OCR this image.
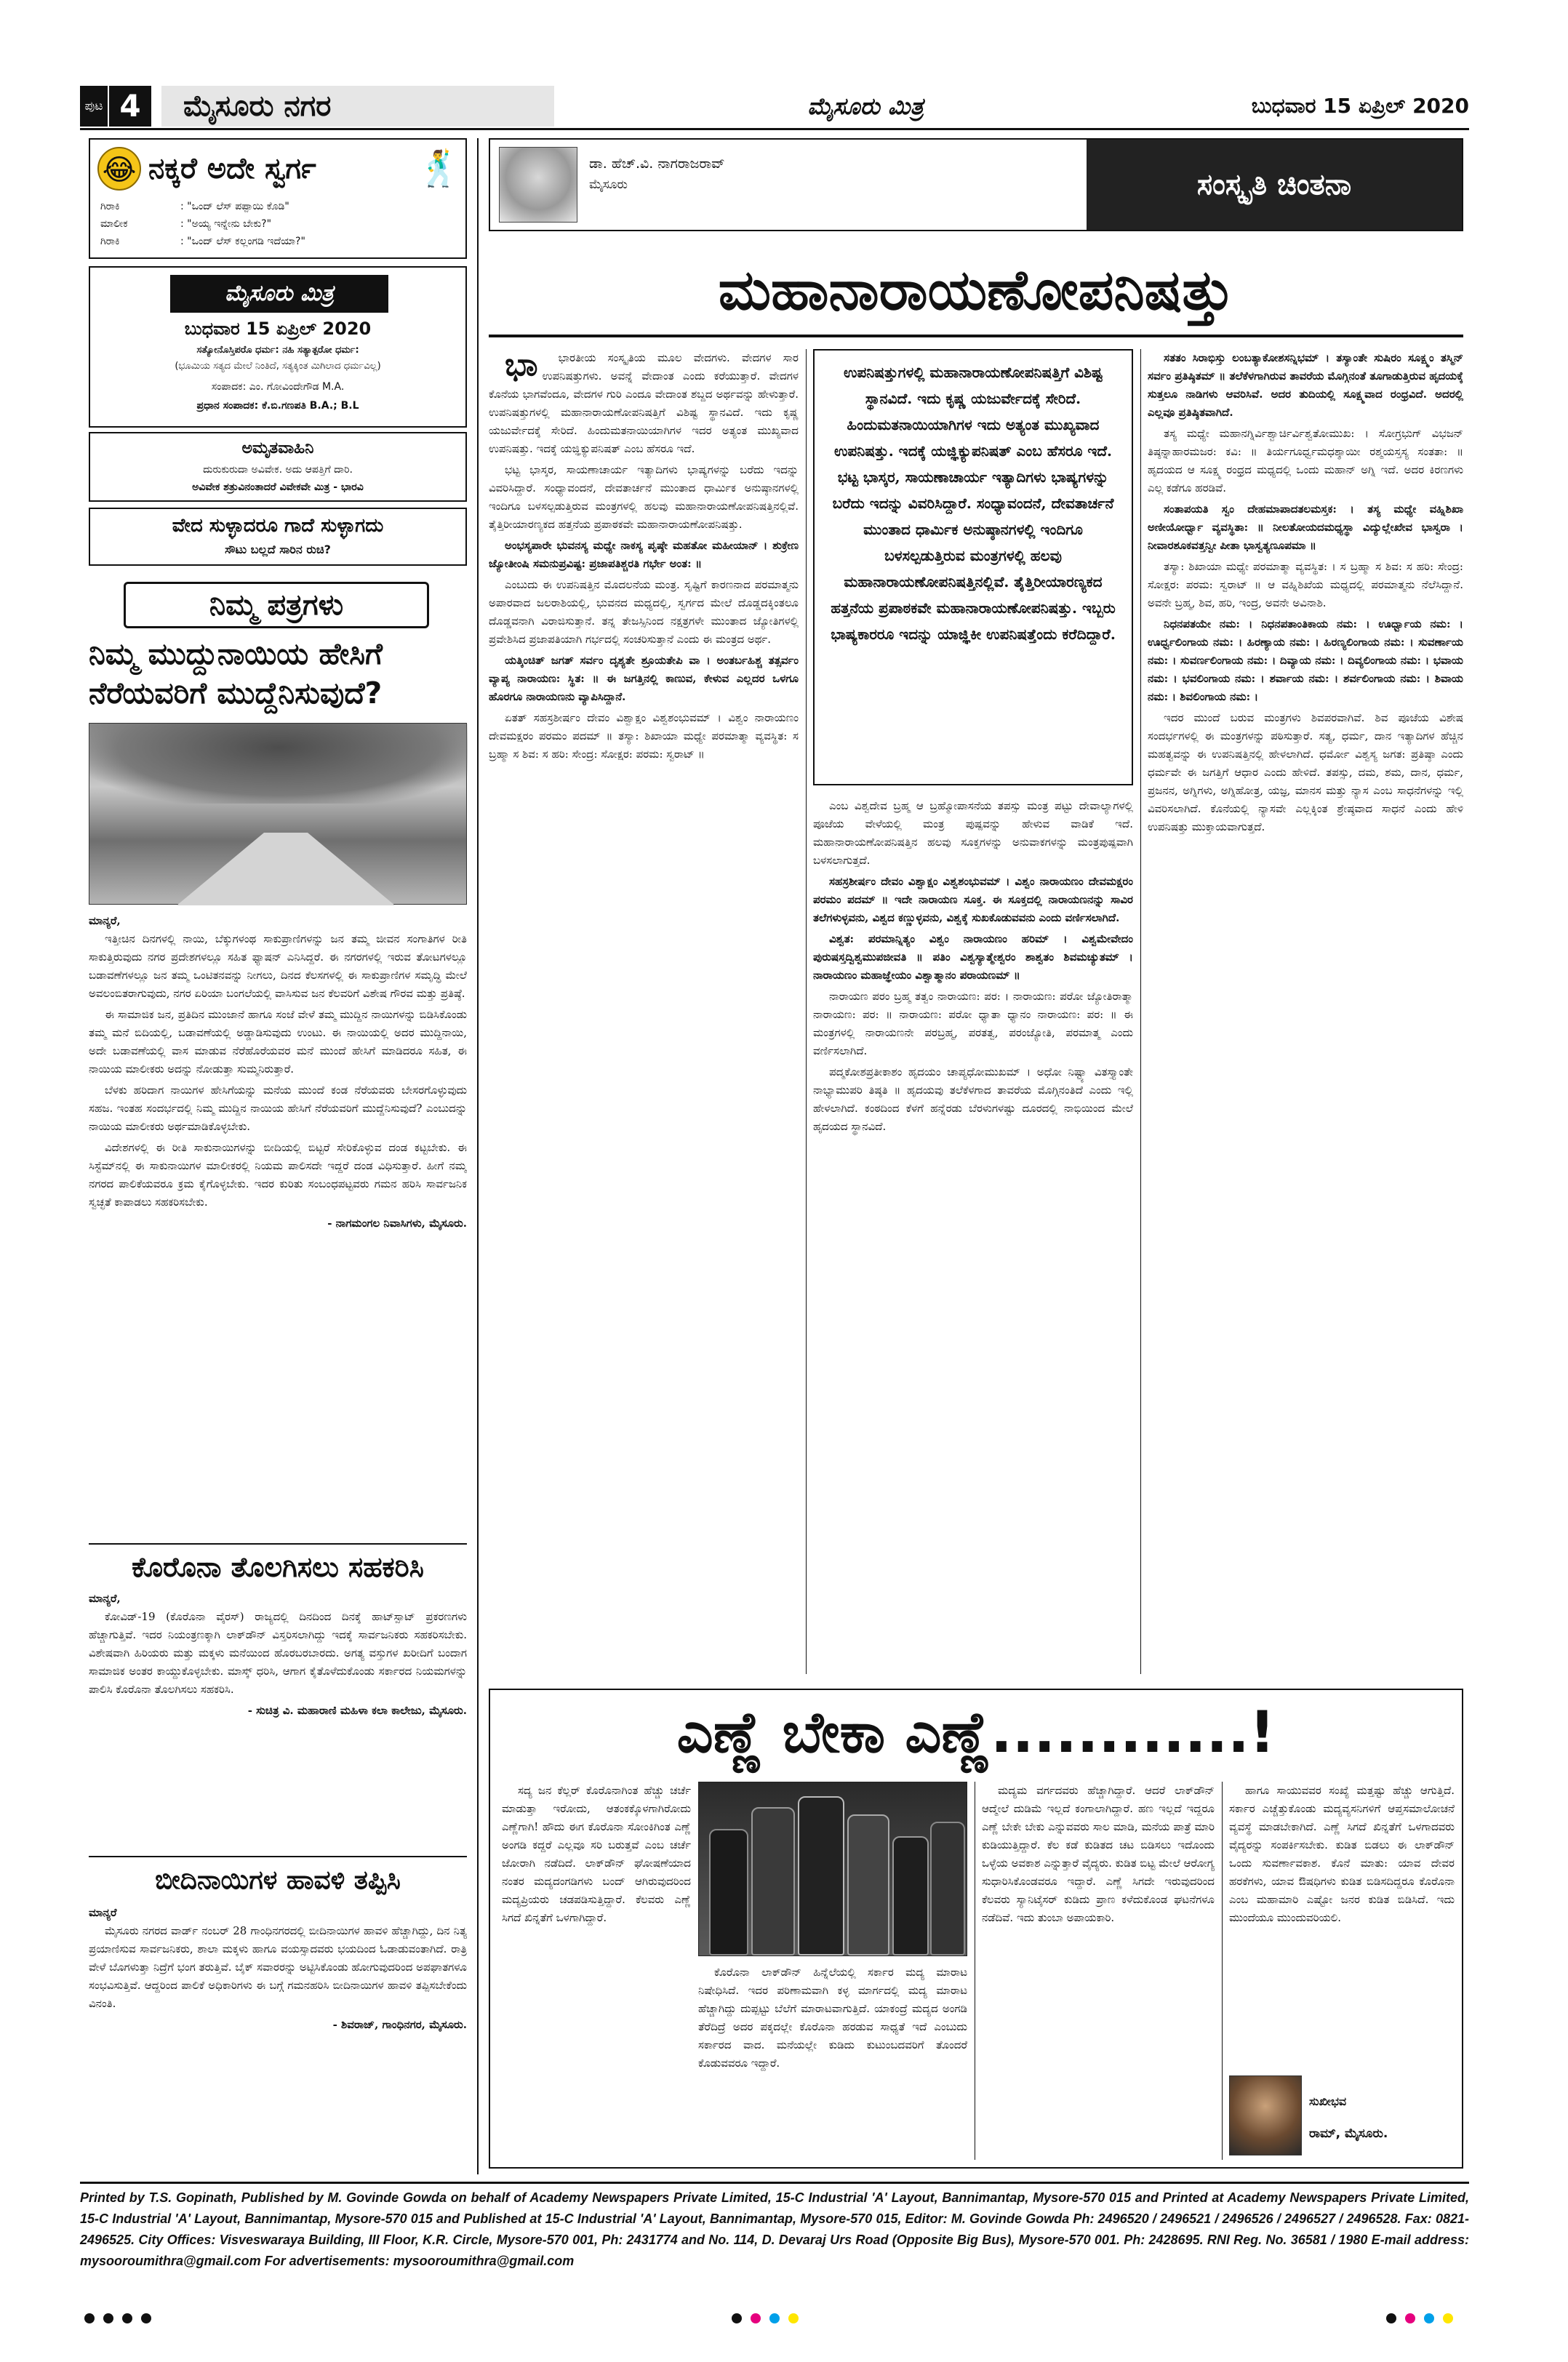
ಪುಟ 4	ಮೈಸೂರು ನಗರ	ಮೈಸೂರು ಮಿತ್ರ	ಬುಧವಾರ 15 ಏಪ್ರಿಲ್ 2020
😂 ನಕ್ಕರೆ ಅದೇ ಸ್ವರ್ಗ	🕺
ಗಿರಾಕಿ	: "ಒಂದ್ ಲೆಸ್ ಪಪ್ಪಾಯಿ ಕೊಡಿ"
ಮಾಲೀಕ	: "ಅಯ್ಯ ಇನ್ನೇನು ಬೇಕು?"
ಗಿರಾಕಿ	: "ಒಂದ್ ಲೆಸ್ ಕಲ್ಲಂಗಡಿ ಇದೆಯಾ?"
ಮೈಸೂರು ಮಿತ್ರ
ಬುಧವಾರ 15 ಏಪ್ರಿಲ್ 2020
ಸತ್ಯೋನೊಸ್ತಿಪರೊ ಧರ್ಮ: ನಹಿ ಸತ್ಯಾತ್ಪರೋ ಧರ್ಮ:
(ಭೂಮಿಯ ಸತ್ಯದ ಮೇಲೆ ನಿಂತಿದೆ, ಸತ್ಯಕ್ಕಿಂತ ಮಿಗಿಲಾದ ಧರ್ಮವಿಲ್ಲ)
ಸಂಪಾದಕ: ಎಂ. ಗೋವಿಂದೇಗೌಡ M.A.
ಪ್ರಧಾನ ಸಂಪಾದಕ: ಕೆ.ಬಿ.ಗಣಪತಿ B.A.; B.L
ಅಮೃತವಾಹಿನಿ
ದುರುಕುರುದಾ ಅವಿವೇಕ. ಅದು ಆಪತ್ತಿಗೆ ದಾರಿ.
ಅವಿವೇಕ ಶತ್ರುವಿನಂತಾದರೆ ವಿವೇಕವೇ ಮಿತ್ರ - ಭಾರವಿ
ವೇದ ಸುಳ್ಳಾದರೂ ಗಾದೆ ಸುಳ್ಳಾಗದು
ಸೌಟು ಬಲ್ಲದೆ ಸಾರಿನ ರುಚಿ?
ನಿಮ್ಮ ಪತ್ರಗಳು
ನಿಮ್ಮ ಮುದ್ದುನಾಯಿಯ ಹೇಸಿಗೆ
ನೆರೆಯವರಿಗೆ ಮುದ್ದೆನಿಸುವುದೆ?
ಮಾನ್ಯರೆ,

ಇತ್ತೀಚಿನ ದಿನಗಳಲ್ಲಿ ನಾಯಿ, ಬೆಕ್ಕುಗಳಂಥ ಸಾಕುಪ್ರಾಣಿಗಳನ್ನು ಜನ ತಮ್ಮ ಜೀವನ ಸಂಗಾತಿಗಳ ರೀತಿ ಸಾಕುತ್ತಿರುವುದು ನಗರ ಪ್ರದೇಶಗಳಲ್ಲೂ ಸಹಿತ ಫ್ಯಾಷನ್ ಎನಿಸಿದ್ದರೆ. ಈ ನಗರಗಳಲ್ಲಿ ಇರುವ ತೋಟಗಳಲ್ಲೂ ಬಡಾವಣೆಗಳಲ್ಲೂ ಜನ ತಮ್ಮ ಒಂಟಿತನವನ್ನು ನೀಗಲು, ದಿನದ ಕೆಲಸಗಳಲ್ಲಿ ಈ ಸಾಕುಪ್ರಾಣಿಗಳ ಸಮೃದ್ಧಿ ಮೇಲೆ ಅವಲಂಬಿತರಾಗುವುದು, ನಗರ ಏರಿಯಾ ಬಂಗಲೆಯಲ್ಲಿ ವಾಸಿಸುವ ಜನ ಕೆಲವರಿಗೆ ವಿಶೇಷ ಗೌರವ ಮತ್ತು ಪ್ರತಿಷ್ಠೆ.

ಈ ಸಾಮಾಜಿಕ ಜನ, ಪ್ರತಿದಿನ ಮುಂಜಾನೆ ಹಾಗೂ ಸಂಜೆ ವೇಳೆ ತಮ್ಮ ಮುದ್ದಿನ ನಾಯಿಗಳನ್ನು ಬಿಡಿಸಿಕೊಂಡು ತಮ್ಮ ಮನೆ ಬಿದಿಯಲ್ಲಿ, ಬಡಾವಣೆಯಲ್ಲಿ ಅಡ್ಡಾಡಿಸುವುದು ಉಂಟು. ಈ ನಾಯಿಯಲ್ಲಿ ಅದರ ಮುದ್ದಿನಾಯಿ, ಅದೇ ಬಡಾವಣೆಯಲ್ಲಿ ವಾಸ ಮಾಡುವ ನೆರೆಹೊರೆಯವರ ಮನೆ ಮುಂದೆ ಹೇಸಿಗೆ ಮಾಡಿದರೂ ಸಹಿತ, ಈ ನಾಯಿಯ ಮಾಲೀಕರು ಅದನ್ನು ನೋಡುತ್ತಾ ಸುಮ್ಮನಿರುತ್ತಾರೆ.

ಬೆಳಕು ಹರಿದಾಗ ನಾಯಿಗಳ ಹೇಸಿಗೆಯನ್ನು ಮನೆಯ ಮುಂದೆ ಕಂಡ ನೆರೆಯವರು ಬೇಸರಗೊಳ್ಳುವುದು ಸಹಜ. ಇಂತಹ ಸಂದರ್ಭದಲ್ಲಿ ನಿಮ್ಮ ಮುದ್ದಿನ ನಾಯಿಯ ಹೇಸಿಗೆ ನೆರೆಯವರಿಗೆ ಮುದ್ದೆನಿಸುವುದೆ? ಎಂಬುದನ್ನು ನಾಯಿಯ ಮಾಲೀಕರು ಅರ್ಥಮಾಡಿಕೊಳ್ಳಬೇಕು.

ವಿದೇಶಗಳಲ್ಲಿ ಈ ರೀತಿ ಸಾಕುನಾಯಿಗಳನ್ನು ಬೀದಿಯಲ್ಲಿ ಬಿಟ್ಟರೆ ಸೇರಿಕೊಳ್ಳುವ ದಂಡ ಕಟ್ಟಬೇಕು. ಈ ಸಿಸ್ಟೆಮ್‌ನಲ್ಲಿ ಈ ಸಾಕುನಾಯಿಗಳ ಮಾಲೀಕರಲ್ಲಿ ನಿಯಮ ಪಾಲಿಸದೇ ಇದ್ದರೆ ದಂಡ ವಿಧಿಸುತ್ತಾರೆ. ಹೀಗೆ ನಮ್ಮ ನಗರದ ಪಾಲಿಕೆಯವರೂ ಕ್ರಮ ಕೈಗೊಳ್ಳಬೇಕು. ಇದರ ಕುರಿತು ಸಂಬಂಧಪಟ್ಟವರು ಗಮನ ಹರಿಸಿ ಸಾರ್ವಜನಿಕ ಸ್ವಚ್ಛತೆ ಕಾಪಾಡಲು ಸಹಕರಿಸಬೇಕು.

- ನಾಗಮಂಗಲ ನಿವಾಸಿಗಳು, ಮೈಸೂರು.
ಕೊರೊನಾ ತೊಲಗಿಸಲು ಸಹಕರಿಸಿ
ಮಾನ್ಯರೆ,

ಕೋವಿಡ್-19 (ಕೊರೊನಾ ವೈರಸ್) ರಾಜ್ಯದಲ್ಲಿ ದಿನದಿಂದ ದಿನಕ್ಕೆ ಹಾಟ್‌ಸ್ಪಾಟ್ ಪ್ರಕರಣಗಳು ಹೆಚ್ಚಾಗುತ್ತಿವೆ. ಇದರ ನಿಯಂತ್ರಣಕ್ಕಾಗಿ ಲಾಕ್‌ಡೌನ್ ವಿಸ್ತರಿಸಲಾಗಿದ್ದು ಇದಕ್ಕೆ ಸಾರ್ವಜನಿಕರು ಸಹಕರಿಸಬೇಕು. ವಿಶೇಷವಾಗಿ ಹಿರಿಯರು ಮತ್ತು ಮಕ್ಕಳು ಮನೆಯಿಂದ ಹೊರಬರಬಾರದು. ಅಗತ್ಯ ವಸ್ತುಗಳ ಖರೀದಿಗೆ ಬಂದಾಗ ಸಾಮಾಜಿಕ ಅಂತರ ಕಾಯ್ದುಕೊಳ್ಳಬೇಕು. ಮಾಸ್ಕ್ ಧರಿಸಿ, ಆಗಾಗ ಕೈತೊಳೆದುಕೊಂಡು ಸರ್ಕಾರದ ನಿಯಮಗಳನ್ನು ಪಾಲಿಸಿ ಕೊರೊನಾ ತೊಲಗಿಸಲು ಸಹಕರಿಸಿ.

- ಸುಚಿತ್ರ ವಿ. ಮಹಾರಾಣಿ ಮಹಿಳಾ ಕಲಾ ಕಾಲೇಜು, ಮೈಸೂರು.
ಬೀದಿನಾಯಿಗಳ ಹಾವಳಿ ತಪ್ಪಿಸಿ
ಮಾನ್ಯರೆ

ಮೈಸೂರು ನಗರದ ವಾರ್ಡ್ ನಂಬರ್ 28 ಗಾಂಧಿನಗರದಲ್ಲಿ ಬೀದಿನಾಯಿಗಳ ಹಾವಳಿ ಹೆಚ್ಚಾಗಿದ್ದು, ದಿನ ನಿತ್ಯ ಪ್ರಯಾಣಿಸುವ ಸಾರ್ವಜನಿಕರು, ಶಾಲಾ ಮಕ್ಕಳು ಹಾಗೂ ವಯಸ್ಸಾದವರು ಭಯದಿಂದ ಓಡಾಡುವಂತಾಗಿದೆ. ರಾತ್ರಿ ವೇಳೆ ಬೊಗಳುತ್ತಾ ನಿದ್ರೆಗೆ ಭಂಗ ತರುತ್ತಿವೆ. ಬೈಕ್ ಸವಾರರನ್ನು ಅಟ್ಟಿಸಿಕೊಂಡು ಹೋಗುವುದರಿಂದ ಅಪಘಾತಗಳೂ ಸಂಭವಿಸುತ್ತಿವೆ. ಆದ್ದರಿಂದ ಪಾಲಿಕೆ ಅಧಿಕಾರಿಗಳು ಈ ಬಗ್ಗೆ ಗಮನಹರಿಸಿ ಬೀದಿನಾಯಿಗಳ ಹಾವಳಿ ತಪ್ಪಿಸಬೇಕೆಂದು ವಿನಂತಿ.

- ಶಿವರಾಜ್, ಗಾಂಧಿನಗರ, ಮೈಸೂರು.
ಡಾ. ಹೆಚ್.ವಿ. ನಾಗರಾಜರಾವ್
ಮೈಸೂರು	ಸಂಸ್ಕೃತಿ ಚಿಂತನಾ
ಮಹಾನಾರಾಯಣೋಪನಿಷತ್ತು

ಭಾ ಭಾರತೀಯ ಸಂಸ್ಕೃತಿಯ ಮೂಲ ವೇದಗಳು. ವೇದಗಳ ಸಾರ ಉಪನಿಷತ್ತುಗಳು. ಅವನ್ನೆ ವೇದಾಂತ ಎಂದು ಕರೆಯುತ್ತಾರೆ. ವೇದಗಳ ಕೊನೆಯ ಭಾಗವೆಂದೂ, ವೇದಗಳ ಗುರಿ ಎಂದೂ ವೇದಾಂತ ಶಬ್ದದ ಅರ್ಥವನ್ನು ಹೇಳುತ್ತಾರೆ. ಉಪನಿಷತ್ತುಗಳಲ್ಲಿ ಮಹಾನಾರಾಯಣೋಪನಿಷತ್ತಿಗೆ ವಿಶಿಷ್ಟ ಸ್ಥಾನವಿದೆ. ಇದು ಕೃಷ್ಣ ಯಜುರ್ವೇದಕ್ಕೆ ಸೇರಿದೆ. ಹಿಂದುಮತನಾಯಿಯಾಗಿಗಳ ಇದರ ಅತ್ಯಂತ ಮುಖ್ಯವಾದ ಉಪನಿಷತ್ತು. ಇದಕ್ಕೆ ಯಜ್ಞಿಕ್ಯುಪನಿಷತ್ ಎಂಬ ಹೆಸರೂ ಇದೆ.

ಭಟ್ಟ ಭಾಸ್ಕರ, ಸಾಯಣಾಚಾರ್ಯ ಇತ್ಯಾದಿಗಳು ಭಾಷ್ಯಗಳನ್ನು ಬರೆದು ಇದನ್ನು ವಿವರಿಸಿದ್ದಾರೆ. ಸಂಧ್ಯಾವಂದನೆ, ದೇವತಾರ್ಚನೆ ಮುಂತಾದ ಧಾರ್ಮಿಕ ಅನುಷ್ಠಾನಗಳಲ್ಲಿ ಇಂದಿಗೂ ಬಳಸಲ್ಪಡುತ್ತಿರುವ ಮಂತ್ರಗಳಲ್ಲಿ ಹಲವು ಮಹಾನಾರಾಯಣೋಪನಿಷತ್ತಿನಲ್ಲಿವೆ. ತೈತ್ತಿರೀಯಾರಣ್ಯಕದ ಹತ್ತನೆಯ ಪ್ರಪಾಠಕವೇ ಮಹಾನಾರಾಯಣೋಪನಿಷತ್ತು.

ಅಂಭಸ್ಯಪಾರೇ ಭುವನಸ್ಯ ಮಧ್ಯೇ ನಾಕಸ್ಯ ಪೃಷ್ಠೇ ಮಹತೋ ಮಹೀಯಾನ್ । ಶುಕ್ರೇಣ ಜ್ಯೋತೀಂಷಿ ಸಮನುಪ್ರವಿಷ್ಟ: ಪ್ರಜಾಪತಿಶ್ಚರತಿ ಗರ್ಭೇ ಅಂತ: ॥

ಎಂಬುದು ಈ ಉಪನಿಷತ್ತಿನ ಮೊದಲನೆಯ ಮಂತ್ರ. ಸೃಷ್ಟಿಗೆ ಕಾರಣನಾದ ಪರಮಾತ್ಮನು ಅಪಾರವಾದ ಜಲರಾಶಿಯಲ್ಲಿ, ಭುವನದ ಮಧ್ಯದಲ್ಲಿ, ಸ್ವರ್ಗದ ಮೇಲೆ ದೊಡ್ಡದಕ್ಕಿಂತಲೂ ದೊಡ್ಡವನಾಗಿ ವಿರಾಜಿಸುತ್ತಾನೆ. ತನ್ನ ತೇಜಸ್ಸಿನಿಂದ ನಕ್ಷತ್ರಗಳೇ ಮುಂತಾದ ಜ್ಯೋತಿಗಳಲ್ಲಿ ಪ್ರವೇಶಿಸಿದ ಪ್ರಜಾಪತಿಯಾಗಿ ಗರ್ಭದಲ್ಲಿ ಸಂಚರಿಸುತ್ತಾನೆ ಎಂದು ಈ ಮಂತ್ರದ ಅರ್ಥ.

ಯತ್ಕಿಂಚಿತ್ ಜಗತ್ ಸರ್ವಂ ದೃಶ್ಯತೇ ಶ್ರೂಯತೇಪಿ ವಾ । ಅಂತರ್ಬಹಿಶ್ಚ ತತ್ಸರ್ವಂ ವ್ಯಾಪ್ಯ ನಾರಾಯಣ: ಸ್ಥಿತ: ॥ ಈ ಜಗತ್ತಿನಲ್ಲಿ ಕಾಣುವ, ಕೇಳುವ ಎಲ್ಲದರ ಒಳಗೂ ಹೊರಗೂ ನಾರಾಯಣನು ವ್ಯಾಪಿಸಿದ್ದಾನೆ.

ಏತತ್ ಸಹಸ್ರಶೀರ್ಷಂ ದೇವಂ ವಿಶ್ವಾಕ್ಷಂ ವಿಶ್ವಶಂಭುವಮ್ । ವಿಶ್ವಂ ನಾರಾಯಣಂ ದೇವಮಕ್ಷರಂ ಪರಮಂ ಪದಮ್ ॥ ತಸ್ಯಾ: ಶಿಖಾಯಾ ಮಧ್ಯೇ ಪರಮಾತ್ಮಾ ವ್ಯವಸ್ಥಿತ: ಸ ಬ್ರಹ್ಮಾ ಸ ಶಿವ: ಸ ಹರಿ: ಸೇಂದ್ರ: ಸೋಕ್ಷರ: ಪರಮ: ಸ್ವರಾಟ್ ॥

ಉಪನಿಷತ್ತುಗಳಲ್ಲಿ ಮಹಾನಾರಾಯಣೋಪನಿಷತ್ತಿಗೆ ವಿಶಿಷ್ಟ ಸ್ಥಾನವಿದೆ. ಇದು ಕೃಷ್ಣ ಯಜುರ್ವೇದಕ್ಕೆ ಸೇರಿದೆ. ಹಿಂದುಮತನಾಯಿಯಾಗಿಗಳ ಇದು ಅತ್ಯಂತ ಮುಖ್ಯವಾದ ಉಪನಿಷತ್ತು. ಇದಕ್ಕೆ ಯಜ್ಞಿಕ್ಯುಪನಿಷತ್ ಎಂಬ ಹೆಸರೂ ಇದೆ. ಭಟ್ಟ ಭಾಸ್ಕರ, ಸಾಯಣಾಚಾರ್ಯ ಇತ್ಯಾದಿಗಳು ಭಾಷ್ಯಗಳನ್ನು ಬರೆದು ಇದನ್ನು ವಿವರಿಸಿದ್ದಾರೆ. ಸಂಧ್ಯಾವಂದನೆ, ದೇವತಾರ್ಚನೆ ಮುಂತಾದ ಧಾರ್ಮಿಕ ಅನುಷ್ಠಾನಗಳಲ್ಲಿ ಇಂದಿಗೂ ಬಳಸಲ್ಪಡುತ್ತಿರುವ ಮಂತ್ರಗಳಲ್ಲಿ ಹಲವು ಮಹಾನಾರಾಯಣೋಪನಿಷತ್ತಿನಲ್ಲಿವೆ. ತೈತ್ತಿರೀಯಾರಣ್ಯಕದ ಹತ್ತನೆಯ ಪ್ರಪಾಠಕವೇ ಮಹಾನಾರಾಯಣೋಪನಿಷತ್ತು. ಇಬ್ಬರು ಭಾಷ್ಯಕಾರರೂ ಇದನ್ನು ಯಾಜ್ಞಿಕೀ ಉಪನಿಷತ್ತೆಂದು ಕರೆದಿದ್ದಾರೆ.

ಎಂಬ ವಿಶ್ವದೇವ ಬ್ರಹ್ಮ ಆ ಬ್ರಹ್ಮೋಪಾಸನೆಯ ತಪಸ್ಸು ಮಂತ್ರ ಪಟ್ಟು ದೇವಾಲ್ಯಾಗಳಲ್ಲಿ ಪೂಜೆಯ ವೇಳೆಯಲ್ಲಿ ಮಂತ್ರ ಪುಷ್ಪವನ್ನು ಹೇಳುವ ವಾಡಿಕೆ ಇದೆ. ಮಹಾನಾರಾಯಣೋಪನಿಷತ್ತಿನ ಹಲವು ಸೂಕ್ತಗಳನ್ನು ಅನುವಾಕಗಳನ್ನು ಮಂತ್ರಪುಷ್ಪವಾಗಿ ಬಳಸಲಾಗುತ್ತದೆ.

ಸಹಸ್ರಶೀರ್ಷಂ ದೇವಂ ವಿಶ್ವಾಕ್ಷಂ ವಿಶ್ವಶಂಭುವಮ್ । ವಿಶ್ವಂ ನಾರಾಯಣಂ ದೇವಮಕ್ಷರಂ ಪರಮಂ ಪದಮ್ ॥ ಇದೇ ನಾರಾಯಣ ಸೂಕ್ತ. ಈ ಸೂಕ್ತದಲ್ಲಿ ನಾರಾಯಣನನ್ನು ಸಾವಿರ ತಲೆಗಳುಳ್ಳವನು, ವಿಶ್ವದ ಕಣ್ಣುಳ್ಳವನು, ವಿಶ್ವಕ್ಕೆ ಸುಖಕೊಡುವವನು ಎಂದು ವರ್ಣಿಸಲಾಗಿದೆ.

ವಿಶ್ವತ: ಪರಮಾನ್ನಿತ್ಯಂ ವಿಶ್ವಂ ನಾರಾಯಣಂ ಹರಿಮ್ । ವಿಶ್ವಮೇವೇದಂ ಪುರುಷಸ್ತದ್ವಿಶ್ವಮುಪಜೀವತಿ ॥ ಪತಿಂ ವಿಶ್ವಸ್ಯಾತ್ಮೇಶ್ವರಂ ಶಾಶ್ವತಂ ಶಿವಮಚ್ಯುತಮ್ । ನಾರಾಯಣಂ ಮಹಾಜ್ಞೇಯಂ ವಿಶ್ವಾತ್ಮಾನಂ ಪರಾಯಣಮ್ ॥

ನಾರಾಯಣ ಪರಂ ಬ್ರಹ್ಮ ತತ್ವಂ ನಾರಾಯಣ: ಪರ: । ನಾರಾಯಣ: ಪರೋ ಜ್ಯೋತಿರಾತ್ಮಾ ನಾರಾಯಣ: ಪರ: ॥ ನಾರಾಯಣ: ಪರೋ ಧ್ಯಾತಾ ಧ್ಯಾನಂ ನಾರಾಯಣ: ಪರ: ॥ ಈ ಮಂತ್ರಗಳಲ್ಲಿ ನಾರಾಯಣನೇ ಪರಬ್ರಹ್ಮ, ಪರತತ್ವ, ಪರಂಜ್ಯೋತಿ, ಪರಮಾತ್ಮ ಎಂದು ವರ್ಣಿಸಲಾಗಿದೆ.

ಪದ್ಮಕೋಶಪ್ರತೀಕಾಶಂ ಹೃದಯಂ ಚಾಪ್ಯಧೋಮುಖಮ್ । ಅಧೋ ನಿಷ್ಟ್ಯಾ ವಿತಸ್ತ್ಯಾಂತೇ ನಾಭ್ಯಾಮುಪರಿ ತಿಷ್ಠತಿ ॥ ಹೃದಯವು ತಲೆಕೆಳಗಾದ ತಾವರೆಯ ಮೊಗ್ಗಿನಂತಿದೆ ಎಂದು ಇಲ್ಲಿ ಹೇಳಲಾಗಿದೆ. ಕಂಠದಿಂದ ಕೆಳಗೆ ಹನ್ನೆರಡು ಬೆರಳುಗಳಷ್ಟು ದೂರದಲ್ಲಿ ನಾಭಿಯಿಂದ ಮೇಲೆ ಹೃದಯದ ಸ್ಥಾನವಿದೆ.

ಸತತಂ ಸಿರಾಭಿಸ್ತು ಲಂಬತ್ಯಾಕೋಶಸನ್ನಿಭಮ್ । ತಸ್ಯಾಂತೇ ಸುಷಿರಂ ಸೂಕ್ಷ್ಮಂ ತಸ್ಮಿನ್ ಸರ್ವಂ ಪ್ರತಿಷ್ಠಿತಮ್ ॥ ತಲೆಕೆಳಗಾಗಿರುವ ತಾವರೆಯ ಮೊಗ್ಗಿನಂತೆ ತೂಗಾಡುತ್ತಿರುವ ಹೃದಯಕ್ಕೆ ಸುತ್ತಲೂ ನಾಡಿಗಳು ಆವರಿಸಿವೆ. ಅದರ ತುದಿಯಲ್ಲಿ ಸೂಕ್ಷ್ಮವಾದ ರಂಧ್ರವಿದೆ. ಅದರಲ್ಲಿ ಎಲ್ಲವೂ ಪ್ರತಿಷ್ಠಿತವಾಗಿದೆ.

ತಸ್ಯ ಮಧ್ಯೇ ಮಹಾನಗ್ನಿರ್ವಿಶ್ವಾರ್ಚಿರ್ವಿಶ್ವತೋಮುಖ: । ಸೋಗ್ರಭುಗ್ ವಿಭಜನ್ ತಿಷ್ಠನ್ನಾಹಾರಮಜರ: ಕವಿ: ॥ ತಿರ್ಯಗೂರ್ಧ್ವಮಧಶ್ಶಾಯೀ ರಶ್ಮಯಸ್ತಸ್ಯ ಸಂತತಾ: ॥ ಹೃದಯದ ಆ ಸೂಕ್ಷ್ಮ ರಂಧ್ರದ ಮಧ್ಯದಲ್ಲಿ ಒಂದು ಮಹಾನ್ ಅಗ್ನಿ ಇದೆ. ಅದರ ಕಿರಣಗಳು ಎಲ್ಲ ಕಡೆಗೂ ಹರಡಿವೆ.

ಸಂತಾಪಯತಿ ಸ್ವಂ ದೇಹಮಾಪಾದತಲಮಸ್ತಕ: । ತಸ್ಯ ಮಧ್ಯೇ ವಹ್ನಿಶಿಖಾ ಅಣೀಯೋರ್ಧ್ವಾ ವ್ಯವಸ್ಥಿತಾ: ॥ ನೀಲತೋಯದಮಧ್ಯಸ್ಥಾ ವಿದ್ಯುಲ್ಲೇಖೇವ ಭಾಸ್ವರಾ । ನೀವಾರಶೂಕವತ್ತನ್ವೀ ಪೀತಾ ಭಾಸ್ವತ್ಯಣೂಪಮಾ ॥

ತಸ್ಯಾ: ಶಿಖಾಯಾ ಮಧ್ಯೇ ಪರಮಾತ್ಮಾ ವ್ಯವಸ್ಥಿತ: । ಸ ಬ್ರಹ್ಮಾ ಸ ಶಿವ: ಸ ಹರಿ: ಸೇಂದ್ರ: ಸೋಕ್ಷರ: ಪರಮ: ಸ್ವರಾಟ್ ॥ ಆ ವಹ್ನಿಶಿಖೆಯ ಮಧ್ಯದಲ್ಲಿ ಪರಮಾತ್ಮನು ನೆಲೆಸಿದ್ದಾನೆ. ಅವನೇ ಬ್ರಹ್ಮ, ಶಿವ, ಹರಿ, ಇಂದ್ರ, ಅವನೇ ಅವಿನಾಶಿ.

ನಿಧನಪತಯೇ ನಮ: । ನಿಧನಪತಾಂತಿಕಾಯ ನಮ: । ಊರ್ಧ್ವಾಯ ನಮ: । ಊರ್ಧ್ವಲಿಂಗಾಯ ನಮ: । ಹಿರಣ್ಯಾಯ ನಮ: । ಹಿರಣ್ಯಲಿಂಗಾಯ ನಮ: । ಸುವರ್ಣಾಯ ನಮ: । ಸುವರ್ಣಲಿಂಗಾಯ ನಮ: । ದಿವ್ಯಾಯ ನಮ: । ದಿವ್ಯಲಿಂಗಾಯ ನಮ: । ಭವಾಯ ನಮ: । ಭವಲಿಂಗಾಯ ನಮ: । ಶರ್ವಾಯ ನಮ: । ಶರ್ವಲಿಂಗಾಯ ನಮ: । ಶಿವಾಯ ನಮ: । ಶಿವಲಿಂಗಾಯ ನಮ: ।

ಇದರ ಮುಂದೆ ಬರುವ ಮಂತ್ರಗಳು ಶಿವಪರವಾಗಿವೆ. ಶಿವ ಪೂಜೆಯ ವಿಶೇಷ ಸಂದರ್ಭಗಳಲ್ಲಿ ಈ ಮಂತ್ರಗಳನ್ನು ಪಠಿಸುತ್ತಾರೆ. ಸತ್ಯ, ಧರ್ಮ, ದಾನ ಇತ್ಯಾದಿಗಳ ಹೆಚ್ಚಿನ ಮಹತ್ವವನ್ನು ಈ ಉಪನಿಷತ್ತಿನಲ್ಲಿ ಹೇಳಲಾಗಿದೆ. ಧರ್ಮೋ ವಿಶ್ವಸ್ಯ ಜಗತ: ಪ್ರತಿಷ್ಠಾ ಎಂದು ಧರ್ಮವೇ ಈ ಜಗತ್ತಿಗೆ ಆಧಾರ ಎಂದು ಹೇಳಿದೆ. ತಪಸ್ಸು, ದಮ, ಶಮ, ದಾನ, ಧರ್ಮ, ಪ್ರಜನನ, ಅಗ್ನಿಗಳು, ಅಗ್ನಿಹೋತ್ರ, ಯಜ್ಞ, ಮಾನಸ ಮತ್ತು ನ್ಯಾಸ ಎಂಬ ಸಾಧನೆಗಳನ್ನು ಇಲ್ಲಿ ವಿವರಿಸಲಾಗಿದೆ. ಕೊನೆಯಲ್ಲಿ ನ್ಯಾಸವೇ ಎಲ್ಲಕ್ಕಿಂತ ಶ್ರೇಷ್ಠವಾದ ಸಾಧನೆ ಎಂದು ಹೇಳಿ ಉಪನಿಷತ್ತು ಮುಕ್ತಾಯವಾಗುತ್ತದೆ.

ಎಣ್ಣೆ ಬೇಕಾ ಎಣ್ಣೆ............!

ಸದ್ಯ ಜನ ಕೆಲ್ಲರ್ ಕೊರೊನಾಗಿಂತ ಹೆಚ್ಚು ಚರ್ಚೆ ಮಾಡುತ್ತಾ ಇರೋದು, ಆತಂಕಕ್ಕೊಳಗಾಗಿರೋದು ಎಣ್ಣೆಗಾಗಿ! ಹೌದು ಈಗ ಕೊರೊನಾ ಸೋಂಕಿಗಿಂತ ಎಣ್ಣೆ ಅಂಗಡಿ ಕದ್ದರೆ ಎಲ್ಲವೂ ಸರಿ ಬರುತ್ತವೆ ಎಂಬ ಚರ್ಚೆ ಜೋರಾಗಿ ನಡೆದಿದೆ. ಲಾಕ್‌ಡೌನ್ ಘೋಷಣೆಯಾದ ನಂತರ ಮದ್ಯದಂಗಡಿಗಳು ಬಂದ್ ಆಗಿರುವುದರಿಂದ ಮದ್ಯಪ್ರಿಯರು ಚಡಪಡಿಸುತ್ತಿದ್ದಾರೆ. ಕೆಲವರು ಎಣ್ಣೆ ಸಿಗದೆ ಖಿನ್ನತೆಗೆ ಒಳಗಾಗಿದ್ದಾರೆ.

ಕೊರೊನಾ ಲಾಕ್‌ಡೌನ್ ಹಿನ್ನೆಲೆಯಲ್ಲಿ ಸರ್ಕಾರ ಮದ್ಯ ಮಾರಾಟ ನಿಷೇಧಿಸಿದೆ. ಇದರ ಪರಿಣಾಮವಾಗಿ ಕಳ್ಳ ಮಾರ್ಗದಲ್ಲಿ ಮದ್ಯ ಮಾರಾಟ ಹೆಚ್ಚಾಗಿದ್ದು ದುಪ್ಪಟ್ಟು ಬೆಲೆಗೆ ಮಾರಾಟವಾಗುತ್ತಿದೆ. ಯಾಕಂದ್ರೆ ಮದ್ಯದ ಅಂಗಡಿ ತೆರೆದಿದ್ರೆ ಅದರ ಪಕ್ಕದಲ್ಲೇ ಕೊರೊನಾ ಹರಡುವ ಸಾಧ್ಯತೆ ಇದೆ ಎಂಬುದು ಸರ್ಕಾರದ ವಾದ. ಮನೆಯಲ್ಲೇ ಕುಡಿದು ಕುಟುಂಬದವರಿಗೆ ತೊಂದರೆ ಕೊಡುವವರೂ ಇದ್ದಾರೆ.

ಮದ್ಯಮ ವರ್ಗದವರು ಹೆಚ್ಚಾಗಿದ್ದಾರೆ. ಆದರೆ ಲಾಕ್‌ಡೌನ್ ಆದ್ಮೇಲೆ ದುಡಿಮೆ ಇಲ್ಲದೆ ಕಂಗಾಲಾಗಿದ್ದಾರೆ. ಹಣ ಇಲ್ಲದೆ ಇದ್ದರೂ ಎಣ್ಣೆ ಬೇಕೇ ಬೇಕು ಎನ್ನುವವರು ಸಾಲ ಮಾಡಿ, ಮನೆಯ ಪಾತ್ರೆ ಮಾರಿ ಕುಡಿಯುತ್ತಿದ್ದಾರೆ. ಕೆಲ ಕಡೆ ಕುಡಿತದ ಚಟ ಬಿಡಿಸಲು ಇದೊಂದು ಒಳ್ಳೆಯ ಅವಕಾಶ ಎನ್ನುತ್ತಾರೆ ವೈದ್ಯರು. ಕುಡಿತ ಬಿಟ್ಟ ಮೇಲೆ ಆರೋಗ್ಯ ಸುಧಾರಿಸಿಕೊಂಡವರೂ ಇದ್ದಾರೆ. ಎಣ್ಣೆ ಸಿಗದೇ ಇರುವುದರಿಂದ ಕೆಲವರು ಸ್ಯಾನಿಟೈಸರ್ ಕುಡಿದು ಪ್ರಾಣ ಕಳೆದುಕೊಂಡ ಘಟನೆಗಳೂ ನಡೆದಿವೆ. ಇದು ತುಂಬಾ ಅಪಾಯಕಾರಿ.

ಹಾಗೂ ಸಾಯುವವರ ಸಂಖ್ಯೆ ಮತ್ತಷ್ಟು ಹೆಚ್ಚು ಆಗುತ್ತಿದೆ. ಸರ್ಕಾರ ಎಚ್ಚೆತ್ತುಕೊಂಡು ಮದ್ಯವ್ಯಸನಿಗಳಿಗೆ ಆಪ್ತಸಮಾಲೋಚನೆ ವ್ಯವಸ್ಥೆ ಮಾಡಬೇಕಾಗಿದೆ. ಎಣ್ಣೆ ಸಿಗದೆ ಖಿನ್ನತೆಗೆ ಒಳಗಾದವರು ವೈದ್ಯರನ್ನು ಸಂಪರ್ಕಿಸಬೇಕು. ಕುಡಿತ ಬಿಡಲು ಈ ಲಾಕ್‌ಡೌನ್ ಒಂದು ಸುವರ್ಣಾವಕಾಶ. ಕೊನೆ ಮಾತು: ಯಾವ ದೇವರ ಹರಕೆಗಳು, ಯಾವ ಔಷಧಿಗಳು ಕುಡಿತ ಬಿಡಿಸದಿದ್ದರೂ ಕೊರೊನಾ ಎಂಬ ಮಹಾಮಾರಿ ಎಷ್ಟೋ ಜನರ ಕುಡಿತ ಬಿಡಿಸಿದೆ. ಇದು ಮುಂದೆಯೂ ಮುಂದುವರಿಯಲಿ.

ಸುಖೀಭವ
ರಾಮ್, ಮೈಸೂರು.
Printed by T.S. Gopinath, Published by M. Govinde Gowda on behalf of Academy Newspapers Private Limited, 15-C Industrial 'A' Layout, Bannimantap, Mysore-570 015 and Printed at Academy Newspapers Private Limited, 15-C Industrial 'A' Layout, Bannimantap, Mysore-570 015 and Published at 15-C Industrial 'A' Layout, Bannimantap, Mysore-570 015, Editor: M. Govinde Gowda Ph: 2496520 / 2496521 / 2496526 / 2496527 / 2496528. Fax: 0821-2496525. City Offices: Visveswaraya Building, III Floor, K.R. Circle, Mysore-570 001, Ph: 2431774 and No. 114, D. Devaraj Urs Road (Opposite Big Bus), Mysore-570 001. Ph: 2428695. RNI Reg. No. 36581 / 1980 E-mail address: mysooroumithra@gmail.com For advertisements: mysooroumithra@gmail.com
